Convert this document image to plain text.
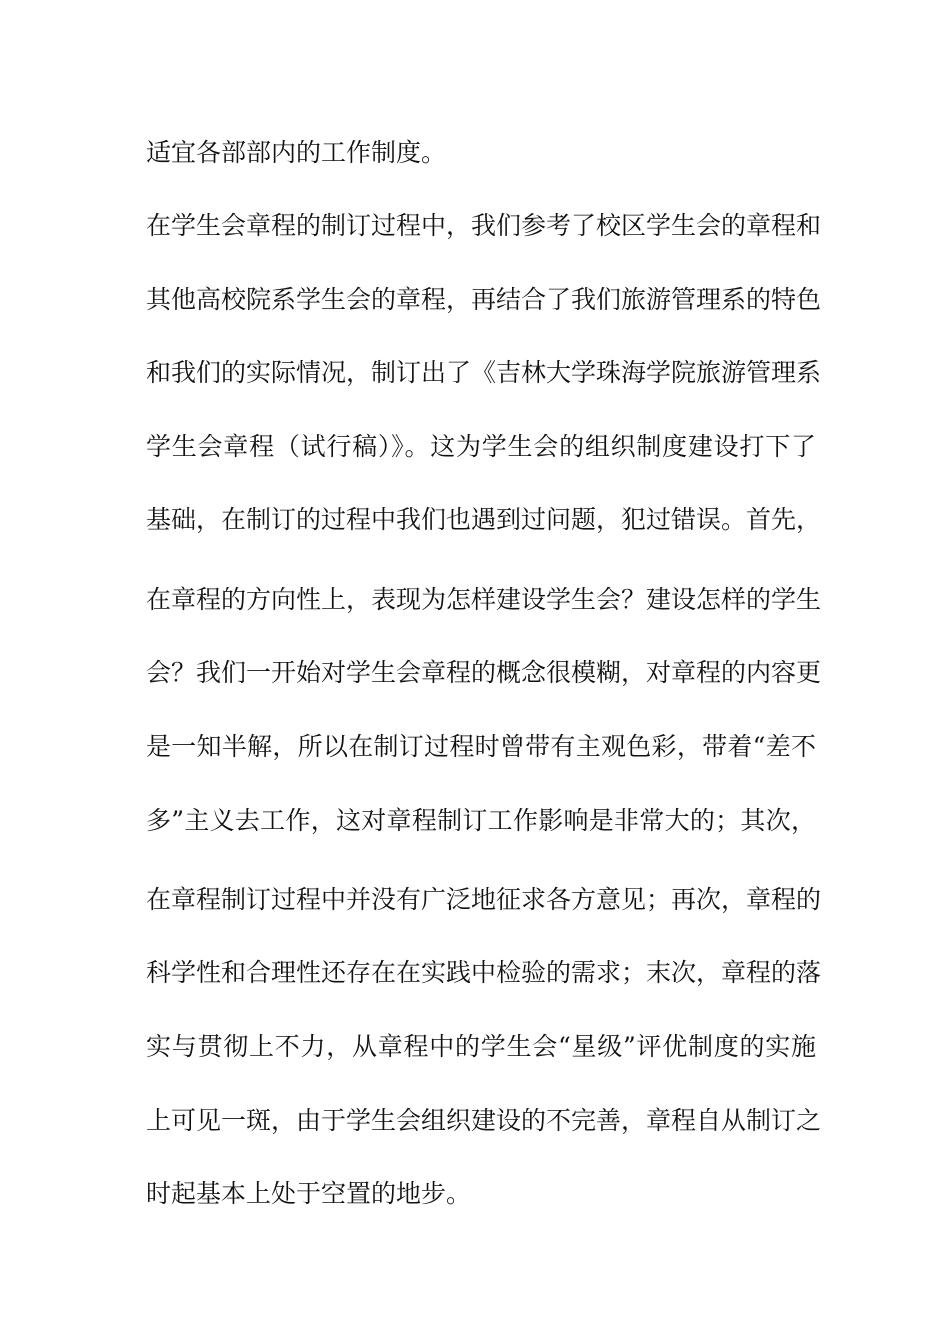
适宜各部部内的工作制度。
在学生会章程的制订过程中，我们参考了校区学生会的章程和
其他高校院系学生会的章程，再结合了我们旅游管理系的特色
和我们的实际情况，制订出了《吉林大学珠海学院旅游管理系
学生会章程（试行稿）》。这为学生会的组织制度建设打下了
基础，在制订的过程中我们也遇到过问题，犯过错误。首先，
在章程的方向性上，表现为怎样建设学生会？建设怎样的学生
会？我们一开始对学生会章程的概念很模糊，对章程的内容更
是一知半解，所以在制订过程时曾带有主观色彩，带着“差不
多”主义去工作，这对章程制订工作影响是非常大的；其次，
在章程制订过程中并没有广泛地征求各方意见；再次，章程的
科学性和合理性还存在在实践中检验的需求；末次，章程的落
实与贯彻上不力，从章程中的学生会“星级”评优制度的实施
上可见一斑，由于学生会组织建设的不完善，章程自从制订之
时起基本上处于空置的地步。
